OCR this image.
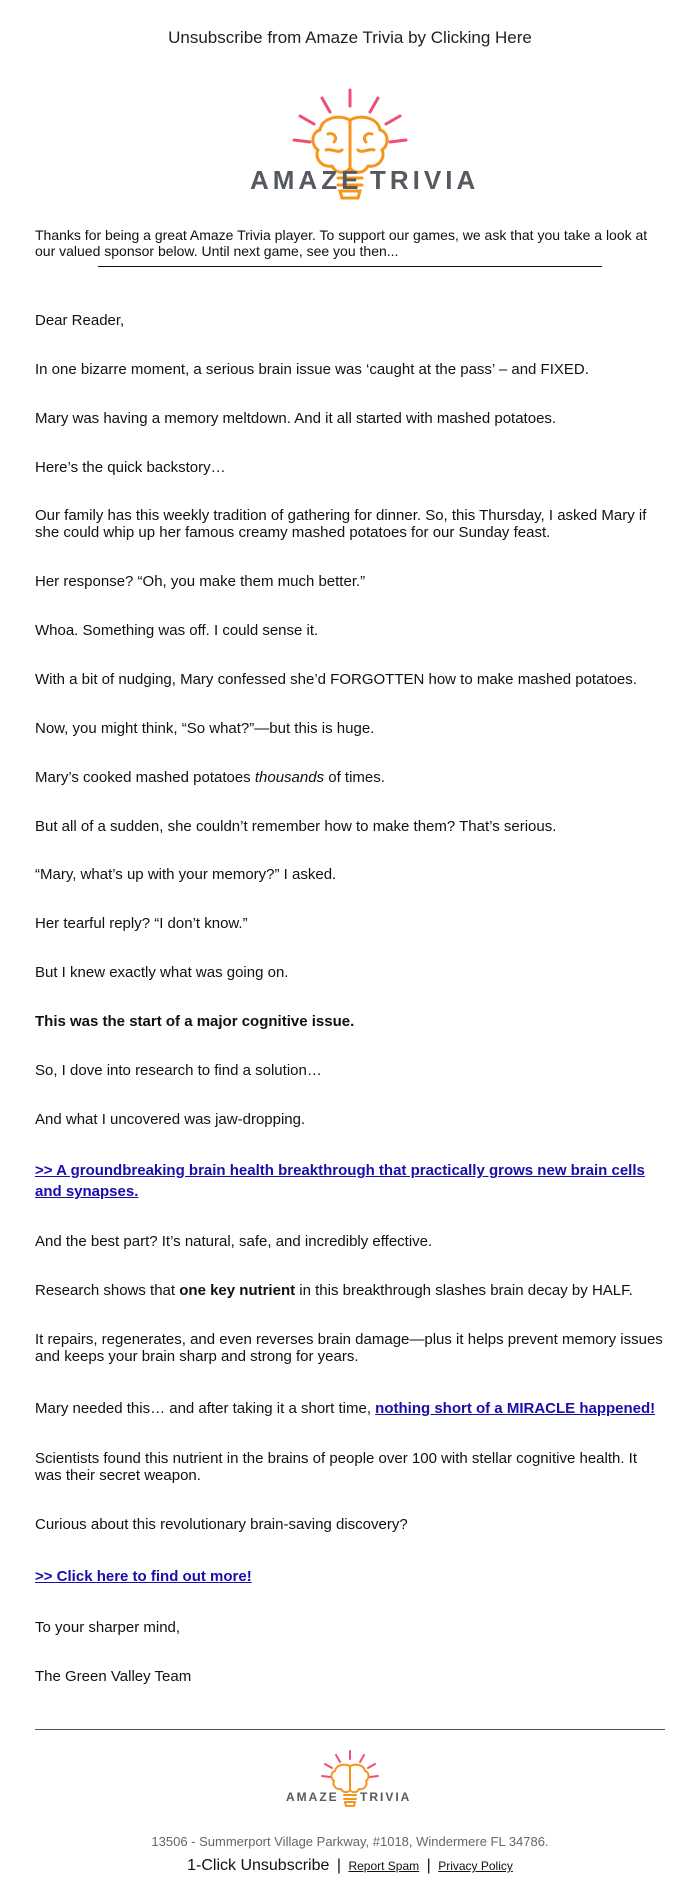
Unsubscribe from Amaze Trivia by Clicking Here
AMAZE TRIVIA
Thanks for being a great Amaze Trivia player. To support our games, we ask that you take a look at our valued sponsor below. Until next game, see you then...
Dear Reader,
In one bizarre moment, a serious brain issue was ‘caught at the pass’ – and FIXED.
Mary was having a memory meltdown. And it all started with mashed potatoes.
Here’s the quick backstory…
Our family has this weekly tradition of gathering for dinner. So, this Thursday, I asked Mary if she could whip up her famous creamy mashed potatoes for our Sunday feast.
Her response? “Oh, you make them much better.”
Whoa. Something was off. I could sense it.
With a bit of nudging, Mary confessed she’d FORGOTTEN how to make mashed potatoes.
Now, you might think, “So what?”—but this is huge.
Mary’s cooked mashed potatoes thousands of times.
But all of a sudden, she couldn’t remember how to make them? That’s serious.
“Mary, what’s up with your memory?” I asked.
Her tearful reply? “I don’t know.”
But I knew exactly what was going on.
This was the start of a major cognitive issue.
So, I dove into research to find a solution…
And what I uncovered was jaw-dropping.
>> A groundbreaking brain health breakthrough that practically grows new brain cells and synapses.
And the best part? It’s natural, safe, and incredibly effective.
Research shows that one key nutrient in this breakthrough slashes brain decay by HALF.
It repairs, regenerates, and even reverses brain damage—plus it helps prevent memory issues and keeps your brain sharp and strong for years.
Mary needed this… and after taking it a short time, nothing short of a MIRACLE happened!
Scientists found this nutrient in the brains of people over 100 with stellar cognitive health. It was their secret weapon.
Curious about this revolutionary brain-saving discovery?
>> Click here to find out more!
To your sharper mind,
The Green Valley Team
AMAZE TRIVIA
13506 - Summerport Village Parkway, #1018, Windermere FL 34786.
1-Click Unsubscribe | Report Spam | Privacy Policy
